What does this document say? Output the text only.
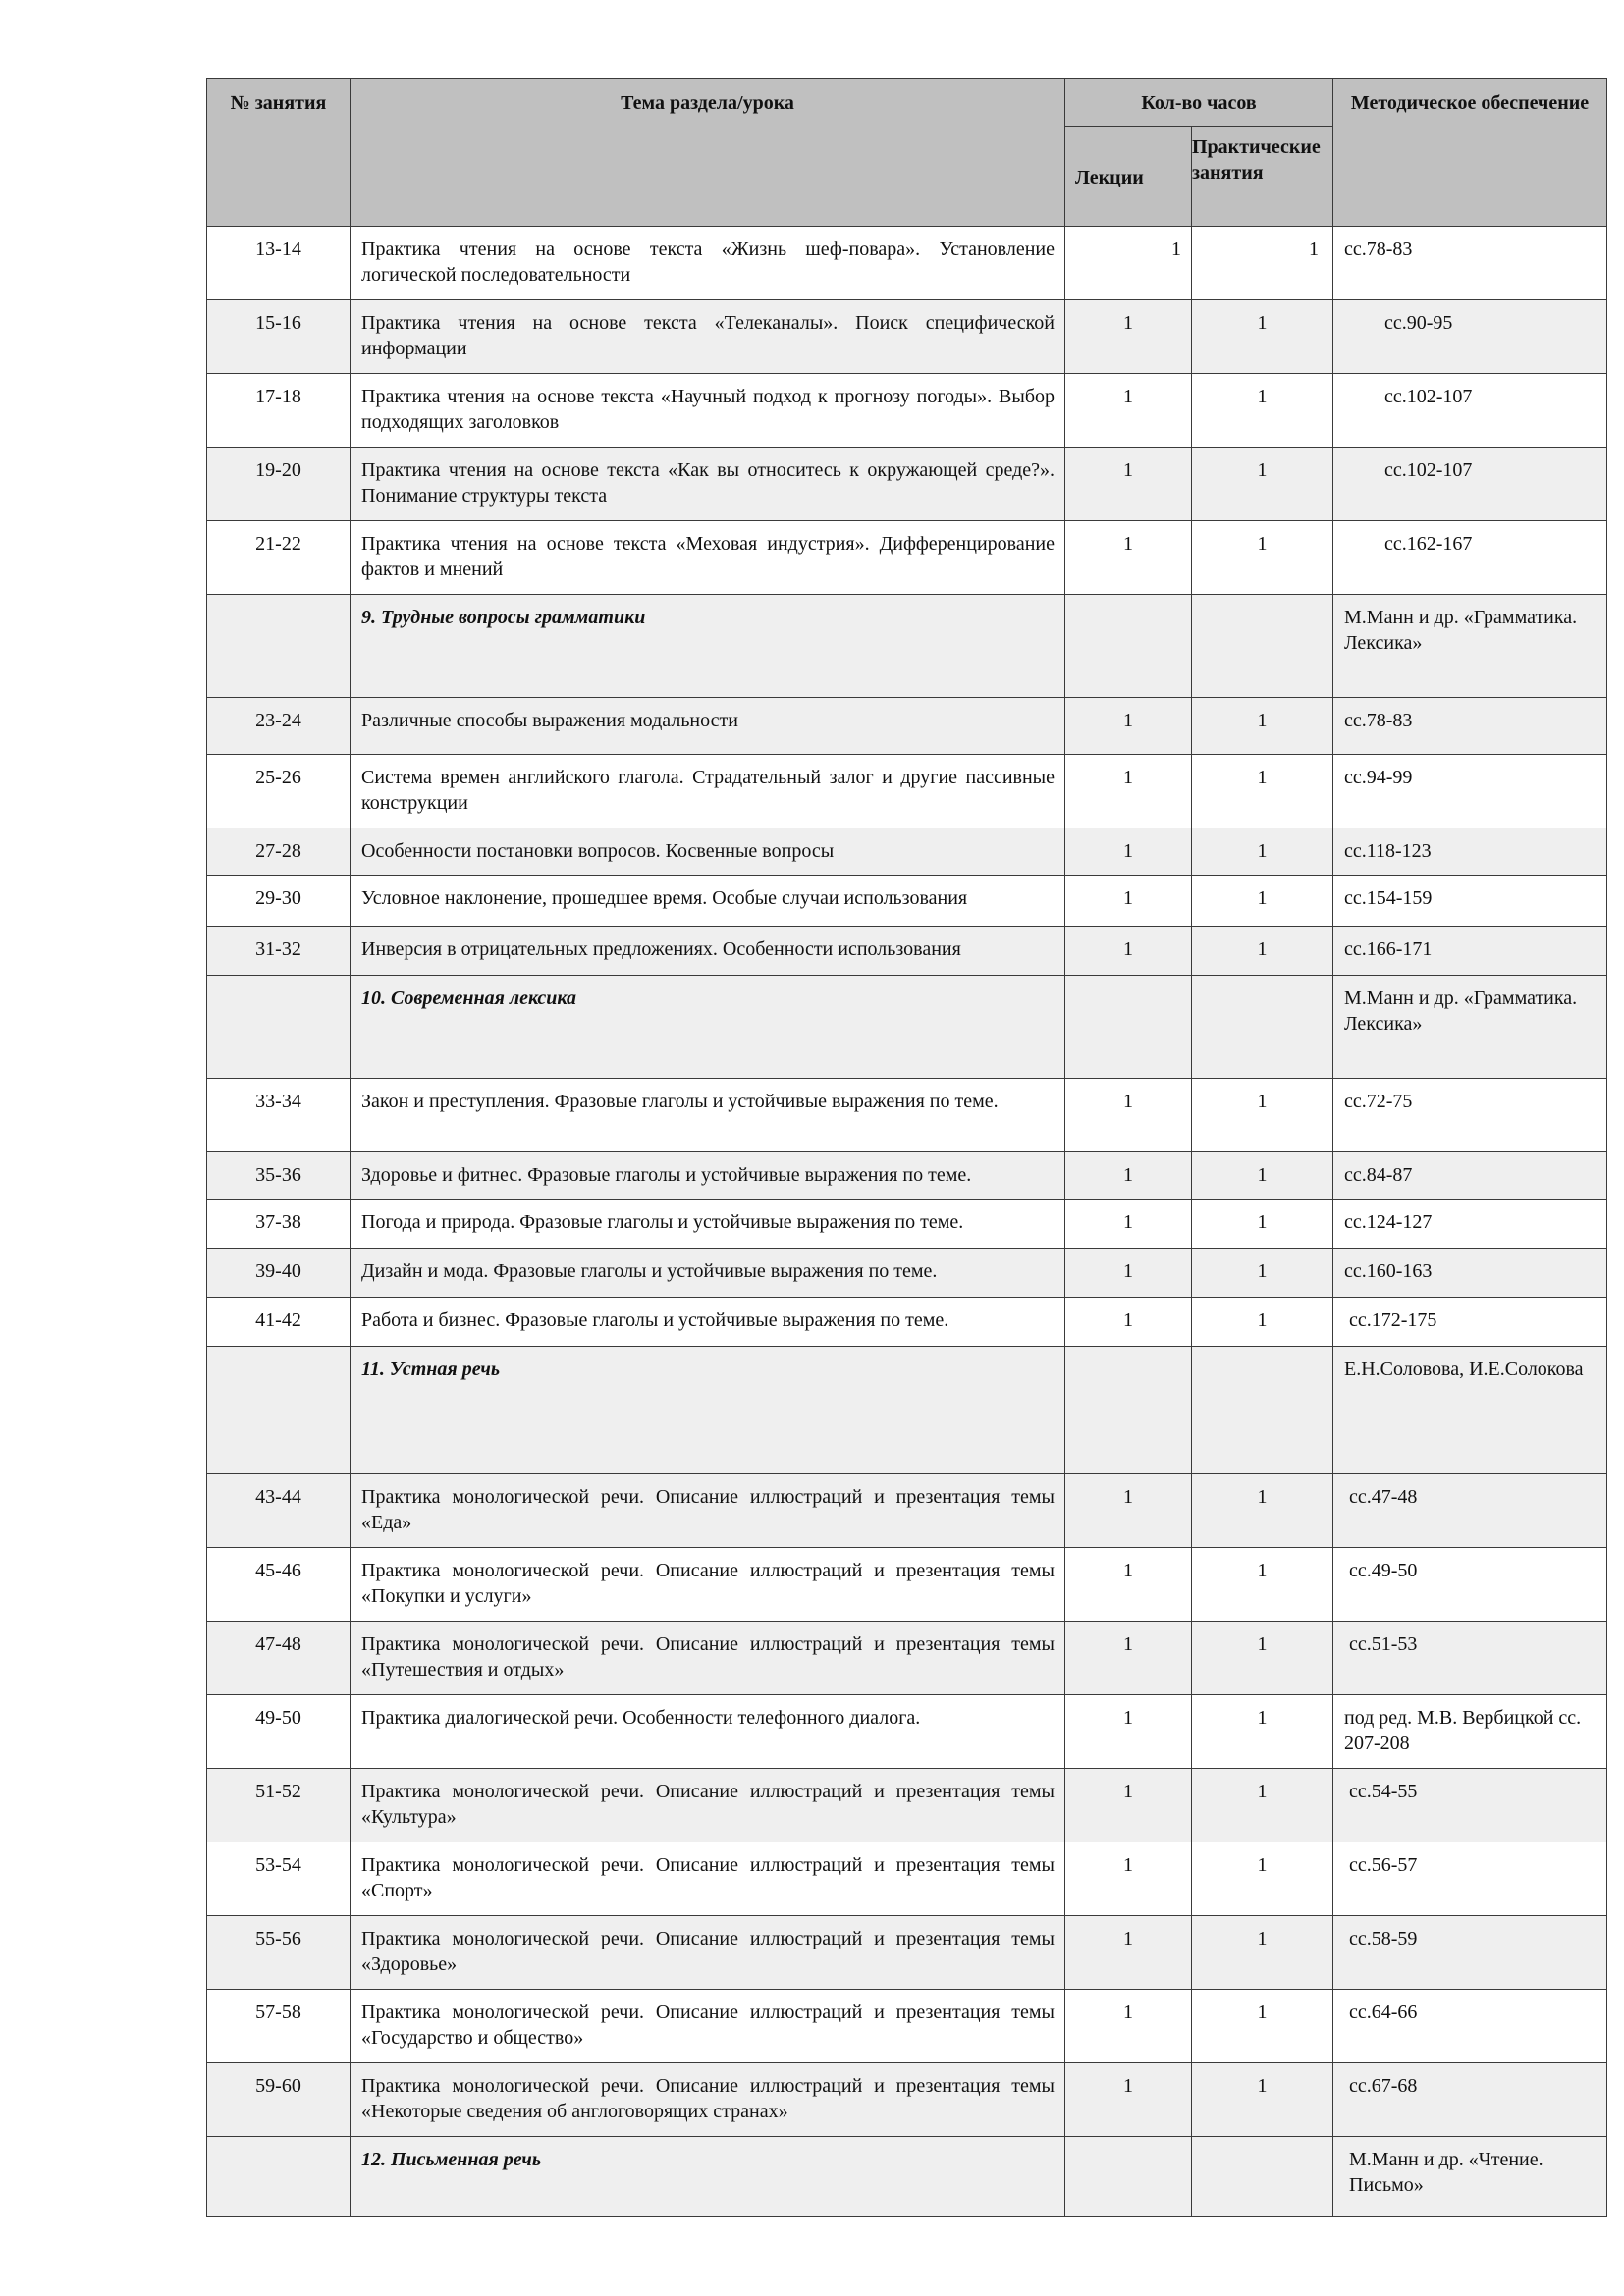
№ занятия	Тема раздела/урока	Кол-во часов		Методическое обеспечение
		Лекции	Практические занятия	
13-14	Практика чтения на основе текста «Жизнь шеф-повара». Установление логической последовательности	1	1	сс.78-83
15-16	Практика чтения на основе текста «Телеканалы». Поиск специфической информации	1	1	сс.90-95
17-18	Практика чтения на основе текста «Научный подход к прогнозу погоды». Выбор подходящих заголовков	1	1	сс.102-107
19-20	Практика чтения на основе текста «Как вы относитесь к окружающей среде?». Понимание структуры текста	1	1	сс.102-107
21-22	Практика чтения на основе текста «Меховая индустрия». Дифференцирование фактов и мнений	1	1	сс.162-167
	9. Трудные вопросы грамматики			М.Манн и др. «Грамматика. Лексика»
23-24	Различные способы выражения модальности	1	1	сс.78-83
25-26	Система времен английского глагола. Страдательный залог и другие пассивные конструкции	1	1	сс.94-99
27-28	Особенности постановки вопросов. Косвенные вопросы	1	1	сс.118-123
29-30	Условное наклонение, прошедшее время. Особые случаи использования	1	1	сс.154-159
31-32	Инверсия в отрицательных предложениях. Особенности использования	1	1	сс.166-171
	10. Современная лексика			М.Манн и др. «Грамматика. Лексика»
33-34	Закон и преступления. Фразовые глаголы и устойчивые выражения по теме.	1	1	сс.72-75
35-36	Здоровье и фитнес. Фразовые глаголы и устойчивые выражения по теме.	1	1	сс.84-87
37-38	Погода и природа. Фразовые глаголы и устойчивые выражения по теме.	1	1	сс.124-127
39-40	Дизайн и мода. Фразовые глаголы и устойчивые выражения по теме.	1	1	сс.160-163
41-42	Работа и бизнес. Фразовые глаголы и устойчивые выражения по теме.	1	1	сс.172-175
	11. Устная речь			Е.Н.Соловова, И.Е.Солокова
43-44	Практика монологической речи. Описание иллюстраций и презентация темы «Еда»	1	1	сс.47-48
45-46	Практика монологической речи. Описание иллюстраций и презентация темы «Покупки и услуги»	1	1	сс.49-50
47-48	Практика монологической речи. Описание иллюстраций и презентация темы «Путешествия и отдых»	1	1	сс.51-53
49-50	Практика диалогической речи. Особенности телефонного диалога.	1	1	под ред. М.В. Вербицкой сс. 207-208
51-52	Практика монологической речи. Описание иллюстраций и презентация темы «Культура»	1	1	сс.54-55
53-54	Практика монологической речи. Описание иллюстраций и презентация темы «Спорт»	1	1	сс.56-57
55-56	Практика монологической речи. Описание иллюстраций и презентация темы «Здоровье»	1	1	сс.58-59
57-58	Практика монологической речи. Описание иллюстраций и презентация темы «Государство и общество»	1	1	сс.64-66
59-60	Практика монологической речи. Описание иллюстраций и презентация темы «Некоторые сведения об англоговорящих странах»	1	1	сс.67-68
	12. Письменная речь			М.Манн и др. «Чтение. Письмо»
